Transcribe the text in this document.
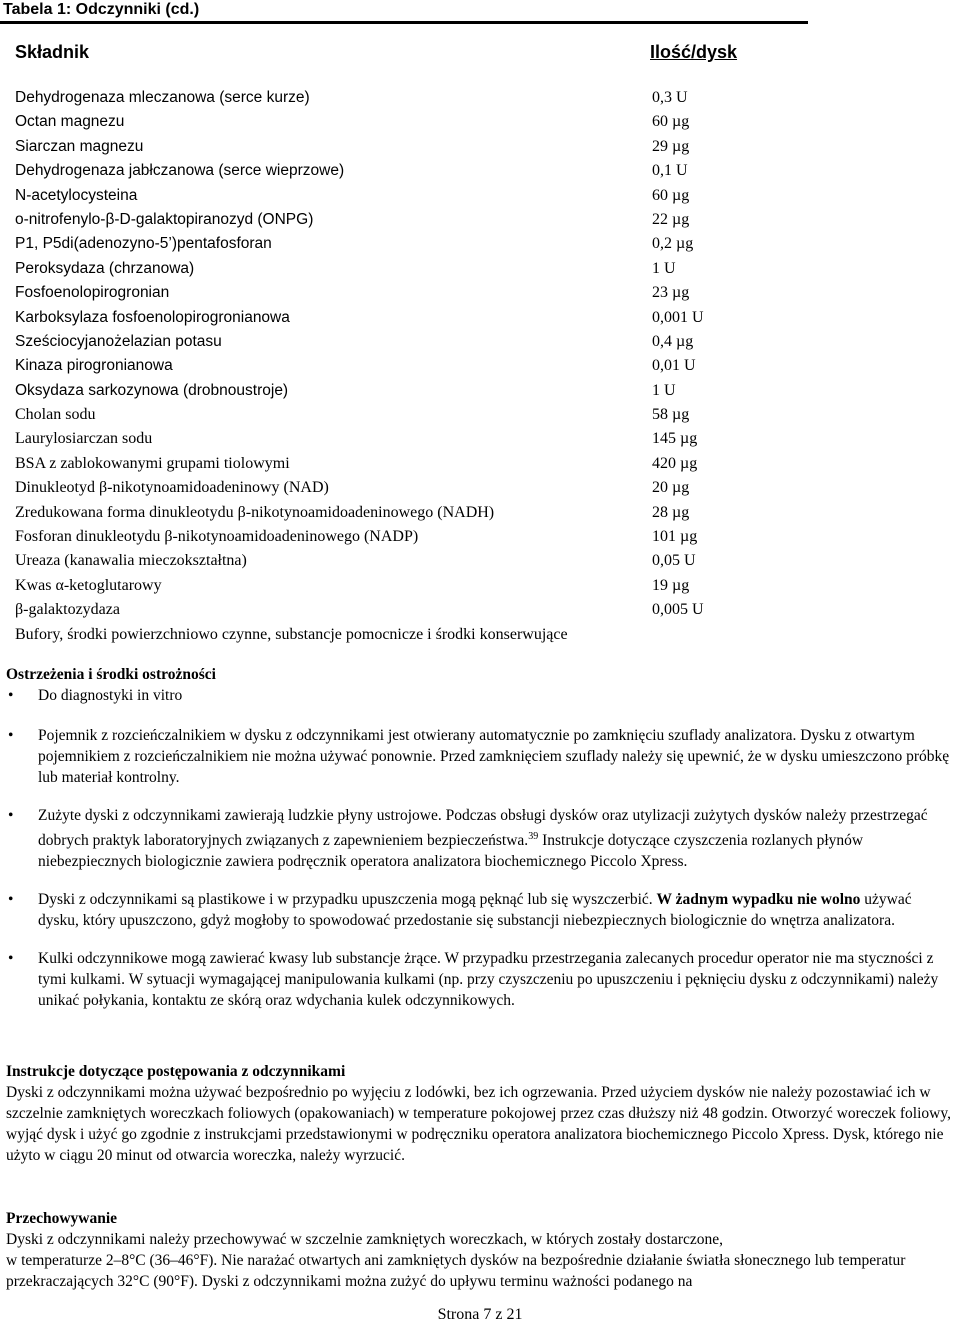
Tabela 1: Odczynniki (cd.)
Składnik	Ilość/dysk
Dehydrogenaza mleczanowa (serce kurze)	0,3 U
Octan magnezu	60 µg
Siarczan magnezu	29 µg
Dehydrogenaza jabłczanowa (serce wieprzowe)	0,1 U
N-acetylocysteina	60 µg
o-nitrofenylo-β-D-galaktopiranozyd (ONPG)	22 µg
P1, P5di(adenozyno-5’)pentafosforan	0,2 µg
Peroksydaza (chrzanowa)	1 U
Fosfoenolopirogronian	23 µg
Karboksylaza fosfoenolopirogronianowa	0,001 U
Sześciocyjanożelazian potasu	0,4 µg
Kinaza pirogronianowa	0,01 U
Oksydaza sarkozynowa (drobnoustroje)	1 U
Cholan sodu	58 µg
Laurylosiarczan sodu	145 µg
BSA z zablokowanymi grupami tiolowymi	420 µg
Dinukleotyd β-nikotynoamidoadeninowy (NAD)	20 µg
Zredukowana forma dinukleotydu β-nikotynoamidoadeninowego (NADH)	28 µg
Fosforan dinukleotydu β-nikotynoamidoadeninowego (NADP)	101 µg
Ureaza (kanawalia mieczokształtna)	0,05 U
Kwas α-ketoglutarowy	19 µg
β-galaktozydaza	0,005 U
Bufory, środki powierzchniowo czynne, substancje pomocnicze i środki konserwujące
Ostrzeżenia i środki ostrożności
• Do diagnostyki in vitro
• Pojemnik z rozcieńczalnikiem w dysku z odczynnikami jest otwierany automatycznie po zamknięciu szuflady analizatora. Dysku z otwartym pojemnikiem z rozcieńczalnikiem nie można używać ponownie. Przed zamknięciem szuflady należy się upewnić, że w dysku umieszczono próbkę lub materiał kontrolny.
• Zużyte dyski z odczynnikami zawierają ludzkie płyny ustrojowe. Podczas obsługi dysków oraz utylizacji zużytych dysków należy przestrzegać dobrych praktyk laboratoryjnych związanych z zapewnieniem bezpieczeństwa.$^{39}$ Instrukcje dotyczące czyszczenia rozlanych płynów niebezpiecznych biologicznie zawiera podręcznik operatora analizatora biochemicznego Piccolo Xpress.
• Dyski z odczynnikami są plastikowe i w przypadku upuszczenia mogą pęknąć lub się wyszczerbić. W żadnym wypadku nie wolno używać dysku, który upuszczono, gdyż mogłoby to spowodować przedostanie się substancji niebezpiecznych biologicznie do wnętrza analizatora.
• Kulki odczynnikowe mogą zawierać kwasy lub substancje żrące. W przypadku przestrzegania zalecanych procedur operator nie ma styczności z tymi kulkami. W sytuacji wymagającej manipulowania kulkami (np. przy czyszczeniu po upuszczeniu i pęknięciu dysku z odczynnikami) należy unikać połykania, kontaktu ze skórą oraz wdychania kulek odczynnikowych.
Instrukcje dotyczące postępowania z odczynnikami
Dyski z odczynnikami można używać bezpośrednio po wyjęciu z lodówki, bez ich ogrzewania. Przed użyciem dysków nie należy pozostawiać ich w szczelnie zamkniętych woreczkach foliowych (opakowaniach) w temperature pokojowej przez czas dłuższy niż 48 godzin. Otworzyć woreczek foliowy, wyjąć dysk i użyć go zgodnie z instrukcjami przedstawionymi w podręczniku operatora analizatora biochemicznego Piccolo Xpress. Dysk, którego nie użyto w ciągu 20 minut od otwarcia woreczka, należy wyrzucić.
Przechowywanie
Dyski z odczynnikami należy przechowywać w szczelnie zamkniętych woreczkach, w których zostały dostarczone,
w temperaturze 2–8°C (36–46°F). Nie narażać otwartych ani zamkniętych dysków na bezpośrednie działanie światła słonecznego lub temperatur przekraczających 32°C (90°F). Dyski z odczynnikami można zużyć do upływu terminu ważności podanego na
Strona 7 z 21
